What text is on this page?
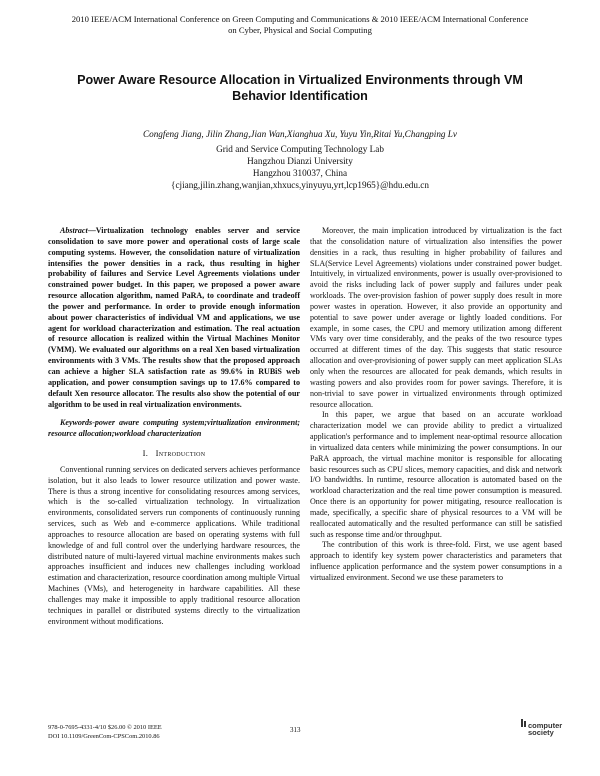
2010 IEEE/ACM International Conference on Green Computing and Communications & 2010 IEEE/ACM International Conference
on Cyber, Physical and Social Computing
Power Aware Resource Allocation in Virtualized Environments through VM
Behavior Identification
Congfeng Jiang, Jilin Zhang,Jian Wan,Xianghua Xu, Yuyu Yin,Ritai Yu,Changping Lv
Grid and Service Computing Technology Lab
Hangzhou Dianzi University
Hangzhou 310037, China
{cjiang,jilin.zhang,wanjian,xhxucs,yinyuyu,yrt,lcp1965}@hdu.edu.cn

Abstract—Virtualization technology enables server and service consolidation to save more power and operational costs of large scale computing systems. However, the consolidation nature of virtualization intensifies the power densities in a rack, thus resulting in higher probability of failures and Service Level Agreements violations under constrained power budget. In this paper, we proposed a power aware resource allocation algorithm, named PaRA, to coordinate and tradeoff the power and performance. In order to provide enough information about power characteristics of individual VM and applications, we use agent for workload characterization and estimation. The real actuation of resource allocation is realized within the Virtual Machines Monitor (VMM). We evaluated our algorithms on a real Xen based virtualization environments with 3 VMs. The results show that the proposed approach can achieve a higher SLA satisfaction rate as 99.6% in RUBiS web application, and power consumption savings up to 17.6% compared to default Xen resource allocator. The results also show the potential of our algorithm to be used in real virtualization environments.

Keywords-power aware computing system;virtualization environment; resource allocation;workload characterization

I. Introduction

Conventional running services on dedicated servers achieves performance isolation, but it also leads to lower resource utilization and power waste. There is thus a strong incentive for consolidating resources among services, which is the so-called virtualization technology. In virtualization environments, consolidated servers run components of continuously running services, such as Web and e-commerce applications. While traditional approaches to resource allocation are based on operating systems with full knowledge of and full control over the underlying hardware resources, the distributed nature of multi-layered virtual machine environments makes such approaches insufficient and induces new challenges including workload estimation and characterization, resource coordination among multiple Virtual Machines (VMs), and heterogeneity in hardware capabilities. All these challenges may make it impossible to apply traditional resource allocation techniques in parallel or distributed systems directly to the virtualization environment without modifications.

Moreover, the main implication introduced by virtualization is the fact that the consolidation nature of virtualization also intensifies the power densities in a rack, thus resulting in higher probability of failures and SLA(Service Level Agreements) violations under constrained power budget. Intuitively, in virtualized environments, power is usually over-provisioned to avoid the risks including lack of power supply and failures under peak workloads. The over-provision fashion of power supply does result in more power wastes in operation. However, it also provide an opportunity and potential to save power under average or lightly loaded conditions. For example, in some cases, the CPU and memory utilization among different VMs vary over time considerably, and the peaks of the two resource types occurred at different times of the day. This suggests that static resource allocation and over-provisioning of power supply can meet application SLAs only when the resources are allocated for peak demands, which results in wasting powers and also provides room for power savings. Therefore, it is non-trivial to save power in virtualized environments through optimized resource allocation.

In this paper, we argue that based on an accurate workload characterization model we can provide ability to predict a virtualized application's performance and to implement near-optimal resource allocation in virtualized data centers while minimizing the power consumptions. In our PaRA approach, the virtual machine monitor is responsible for allocating basic resources such as CPU slices, memory capacities, and disk and network I/O bandwidths. In runtime, resource allocation is automated based on the workload characterization and the real time power consumption is measured. Once there is an opportunity for power mitigating, resource reallocation is made, specifically, a specific share of physical resources to a VM will be reallocated automatically and the resulted performance can still be satisfied such as response time and/or throughput.

The contribution of this work is three-fold. First, we use agent based approach to identify key system power characteristics and parameters that influence application performance and the system power consumptions in a virtualized environment. Second we use these parameters to

978-0-7695-4331-4/10 $26.00 © 2010 IEEE
DOI 10.1109/GreenCom-CPSCom.2010.86
313	computer
society
